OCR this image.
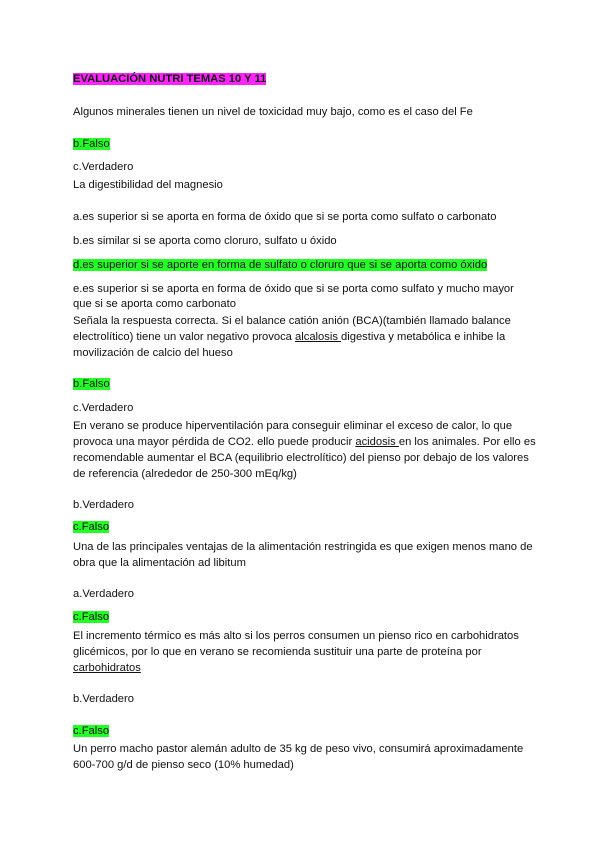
EVALUACIÓN NUTRI TEMAS 10 Y 11
Algunos minerales tienen un nivel de toxicidad muy bajo, como es el caso del Fe
b.Falso
c.Verdadero
La digestibilidad del magnesio
a.es superior si se aporta en forma de óxido que si se porta como sulfato o carbonato
b.es similar si se aporta como cloruro, sulfato u óxido
d.es superior si se aporte en forma de sulfato o cloruro que si se aporta como óxido
e.es superior si se aporta en forma de óxido que si se porta como sulfato y mucho mayor
que si se aporta como carbonato
Señala la respuesta correcta. Si el balance catión anión (BCA)(también llamado balance
electrolítico) tiene un valor negativo provoca alcalosis digestiva y metabólica e inhibe la
movilización de calcio del hueso
b.Falso
c.Verdadero
En verano se produce hiperventilación para conseguir eliminar el exceso de calor, lo que
provoca una mayor pérdida de CO2. ello puede producir acidosis en los animales. Por ello es
recomendable aumentar el BCA (equilibrio electrolítico) del pienso por debajo de los valores
de referencia (alrededor de 250-300 mEq/kg)
b.Verdadero
c.Falso
Una de las principales ventajas de la alimentación restringida es que exigen menos mano de
obra que la alimentación ad libitum
a.Verdadero
c.Falso
El incremento térmico es más alto si los perros consumen un pienso rico en carbohidratos
glicémicos, por lo que en verano se recomienda sustituir una parte de proteína por
carbohidratos
b.Verdadero
c.Falso
Un perro macho pastor alemán adulto de 35 kg de peso vivo, consumirá aproximadamente
600-700 g/d de pienso seco (10% humedad)
